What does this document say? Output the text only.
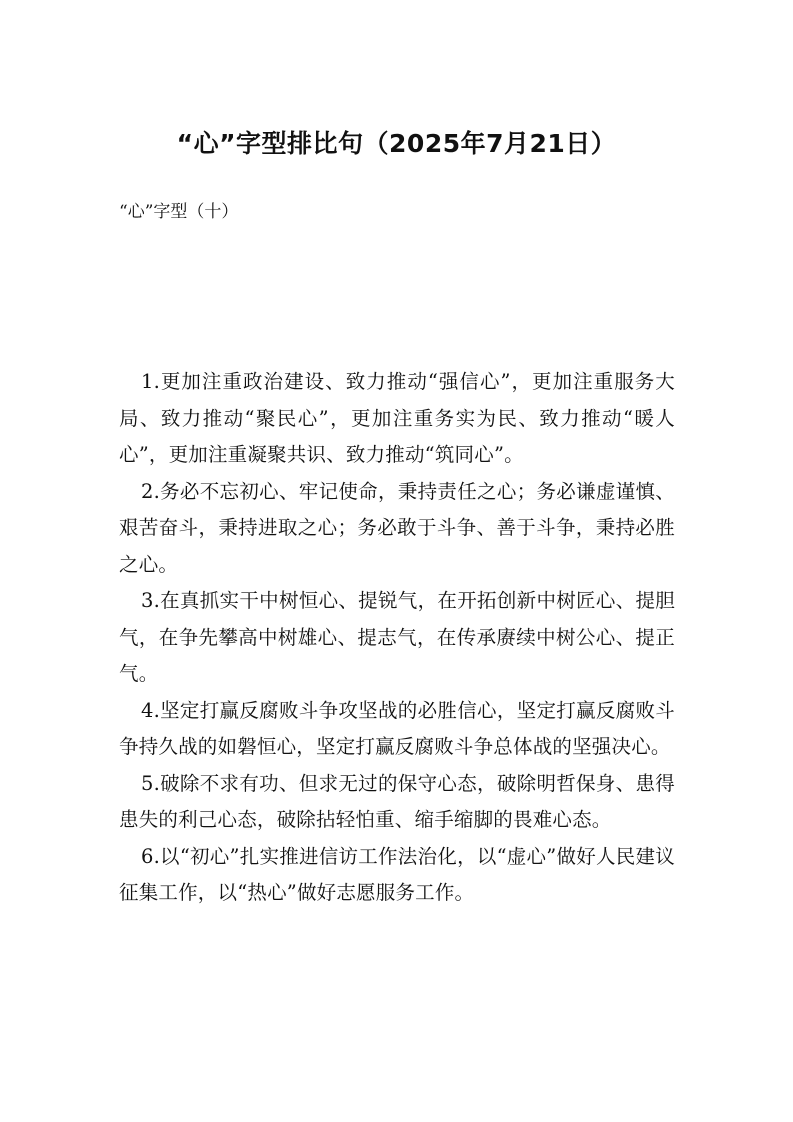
“心”字型排比句（2025年7月21日）
“心”字型（十）

1.更加注重政治建设、致力推动“强信心”，更加注重服务大局、致力推动“聚民心”，更加注重务实为民、致力推动“暖人心”，更加注重凝聚共识、致力推动“筑同心”。

2.务必不忘初心、牢记使命，秉持责任之心；务必谦虚谨慎、艰苦奋斗，秉持进取之心；务必敢于斗争、善于斗争，秉持必胜之心。

3.在真抓实干中树恒心、提锐气，在开拓创新中树匠心、提胆气，在争先攀高中树雄心、提志气，在传承赓续中树公心、提正气。

4.坚定打赢反腐败斗争攻坚战的必胜信心，坚定打赢反腐败斗争持久战的如磐恒心，坚定打赢反腐败斗争总体战的坚强决心。

5.破除不求有功、但求无过的保守心态，破除明哲保身、患得患失的利己心态，破除拈轻怕重、缩手缩脚的畏难心态。

6.以“初心”扎实推进信访工作法治化，以“虚心”做好人民建议征集工作，以“热心”做好志愿服务工作。
